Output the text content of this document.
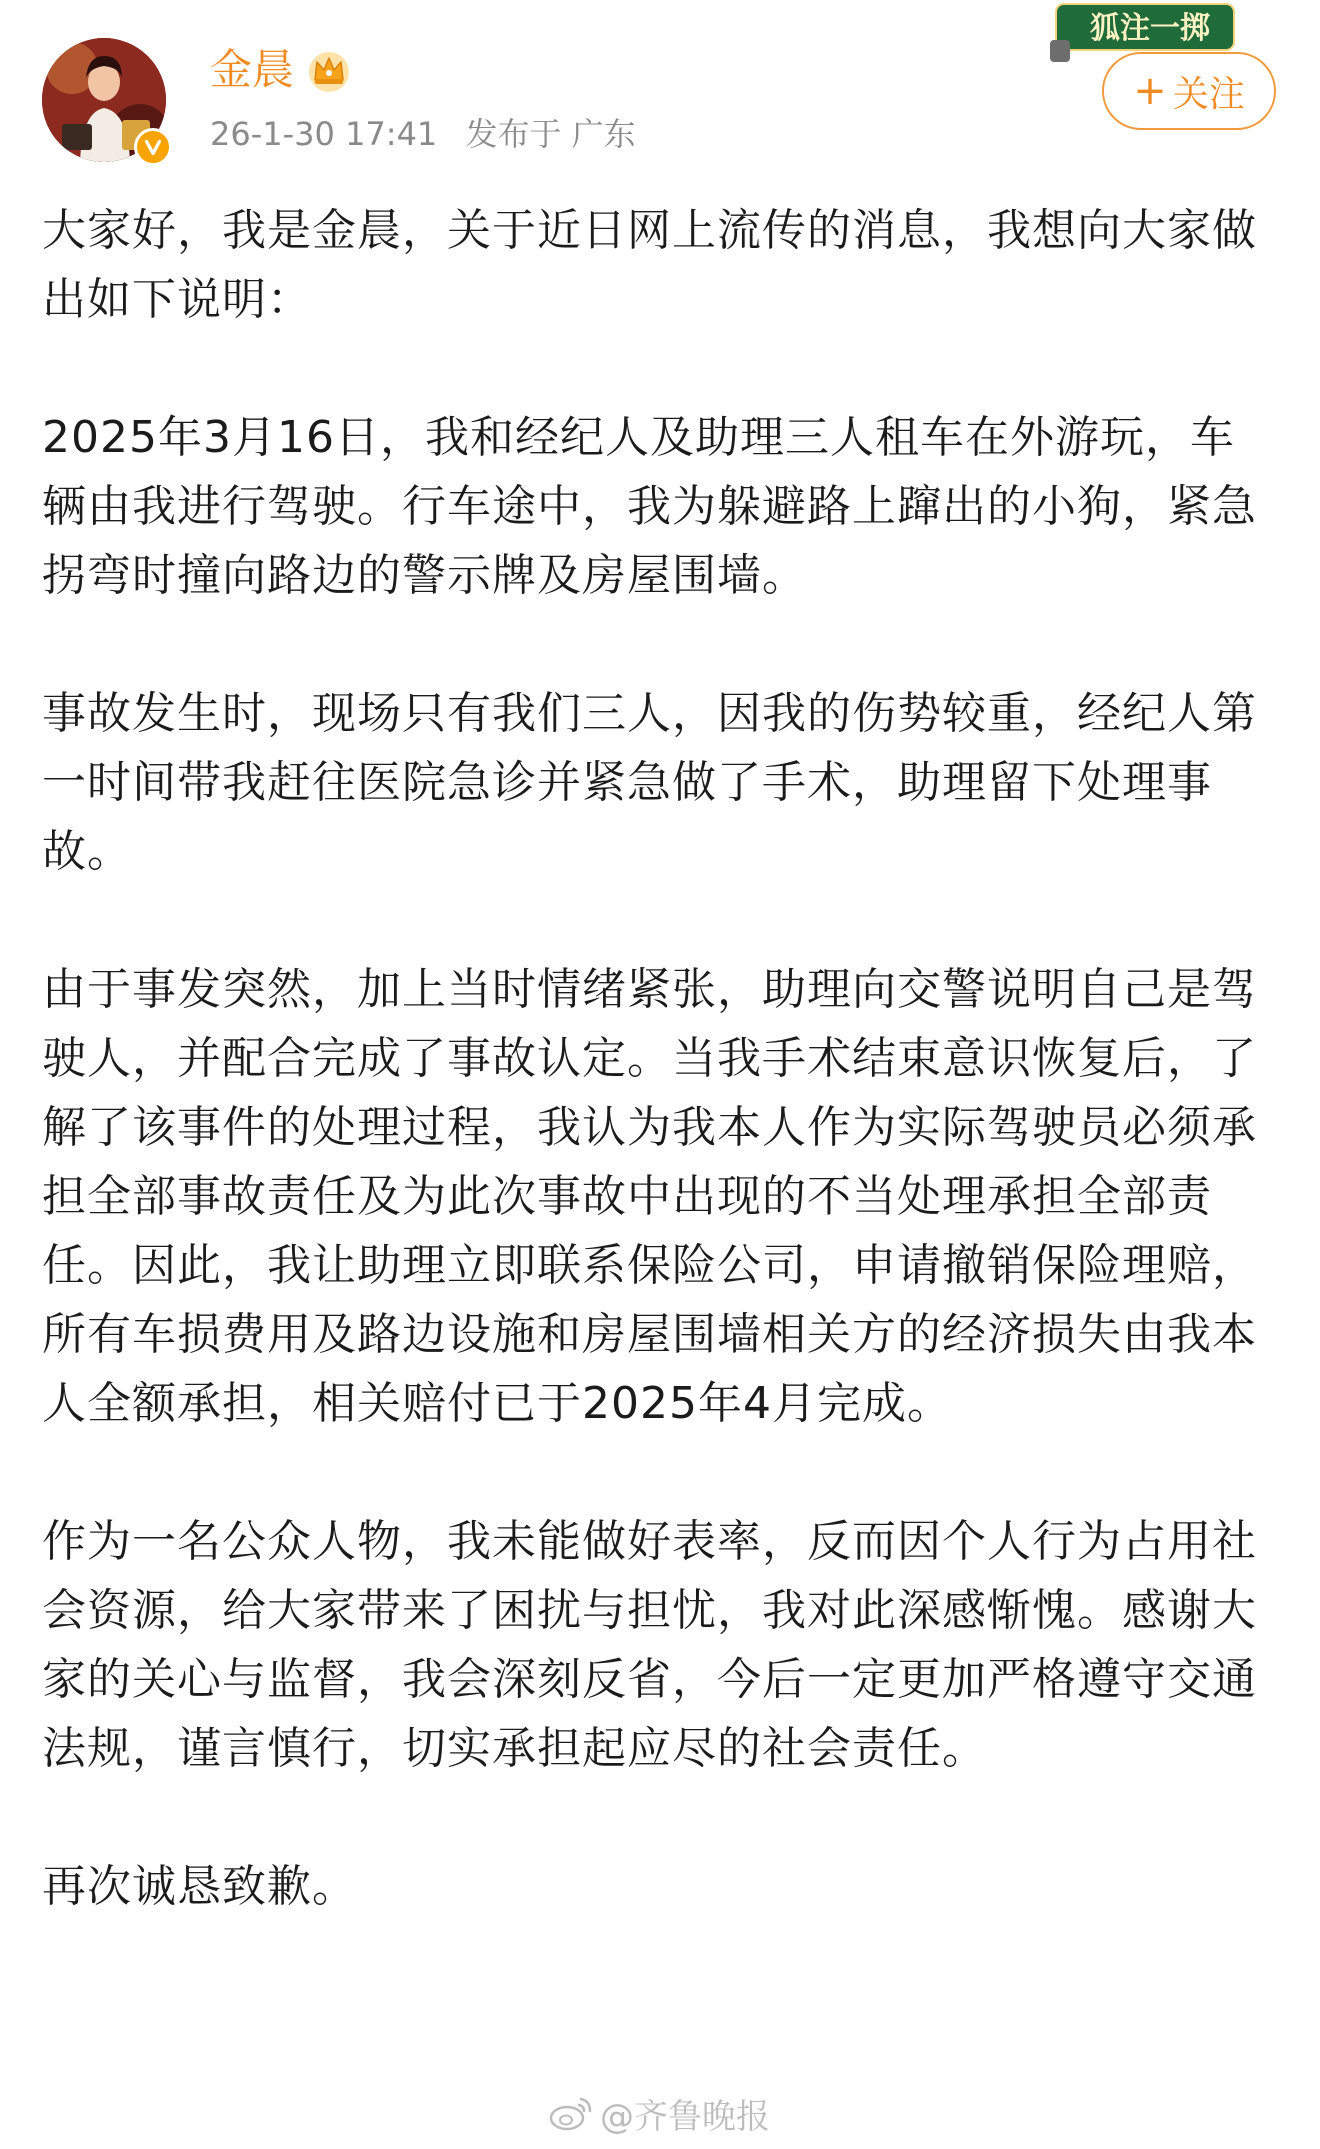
金晨
26-1-30 17:41 发布于 广东
狐注一掷
+ 关注

大家好，我是金晨，关于近日网上流传的消息，我想向大家做出如下说明：

2025年3月16日，我和经纪人及助理三人租车在外游玩，车辆由我进行驾驶。行车途中，我为躲避路上蹿出的小狗，紧急拐弯时撞向路边的警示牌及房屋围墙。

事故发生时，现场只有我们三人，因我的伤势较重，经纪人第一时间带我赶往医院急诊并紧急做了手术，助理留下处理事故。

由于事发突然，加上当时情绪紧张，助理向交警说明自己是驾驶人，并配合完成了事故认定。当我手术结束意识恢复后，了解了该事件的处理过程，我认为我本人作为实际驾驶员必须承担全部事故责任及为此次事故中出现的不当处理承担全部责任。因此，我让助理立即联系保险公司，申请撤销保险理赔，所有车损费用及路边设施和房屋围墙相关方的经济损失由我本人全额承担，相关赔付已于2025年4月完成。

作为一名公众人物，我未能做好表率，反而因个人行为占用社会资源，给大家带来了困扰与担忧，我对此深感惭愧。感谢大家的关心与监督，我会深刻反省，今后一定更加严格遵守交通法规，谨言慎行，切实承担起应尽的社会责任。

再次诚恳致歉。

@齐鲁晚报
